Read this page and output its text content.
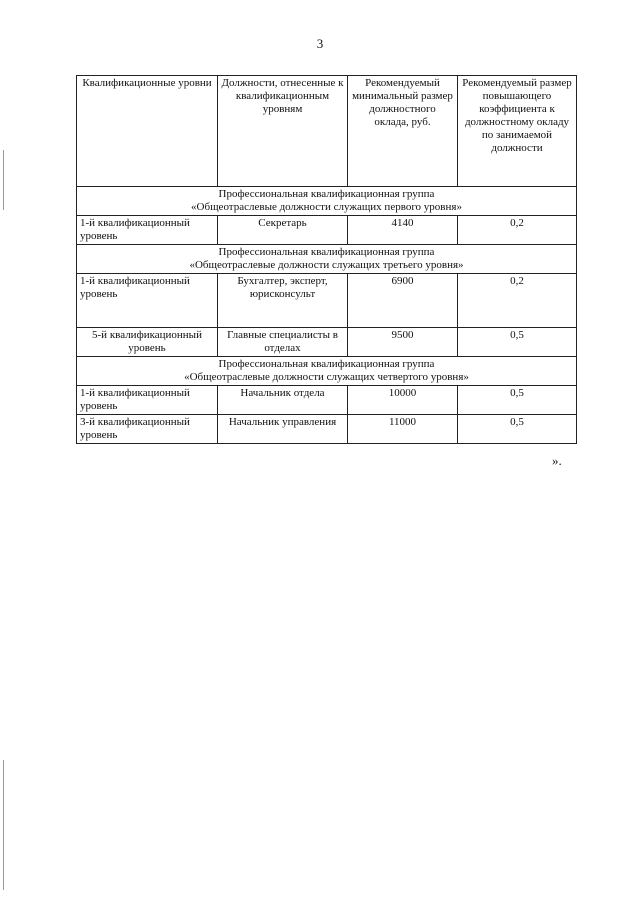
3
Квалификационные уровни	Должности, отнесенные к квалификационным уровням	Рекомендуемый минимальный размер должностного оклада, руб.	Рекомендуемый размер повышающего коэффициента к должностному окладу по занимаемой должности

Профессиональная квалификационная группа
«Общеотраслевые должности служащих первого уровня»			

1-й квалификационный уровень	Секретарь	4140	0,2

Профессиональная квалификационная группа
«Общеотраслевые должности служащих третьего уровня»			

1-й квалификационный уровень	Бухгалтер, эксперт, юрисконсульт	6900	0,2
5-й квалификационный уровень	Главные специалисты в отделах	9500	0,5

Профессиональная квалификационная группа
«Общеотраслевые должности служащих четвертого уровня»			

1-й квалификационный уровень	Начальник отдела	10000	0,5
3-й квалификационный уровень	Начальник управления	11000	0,5
».
